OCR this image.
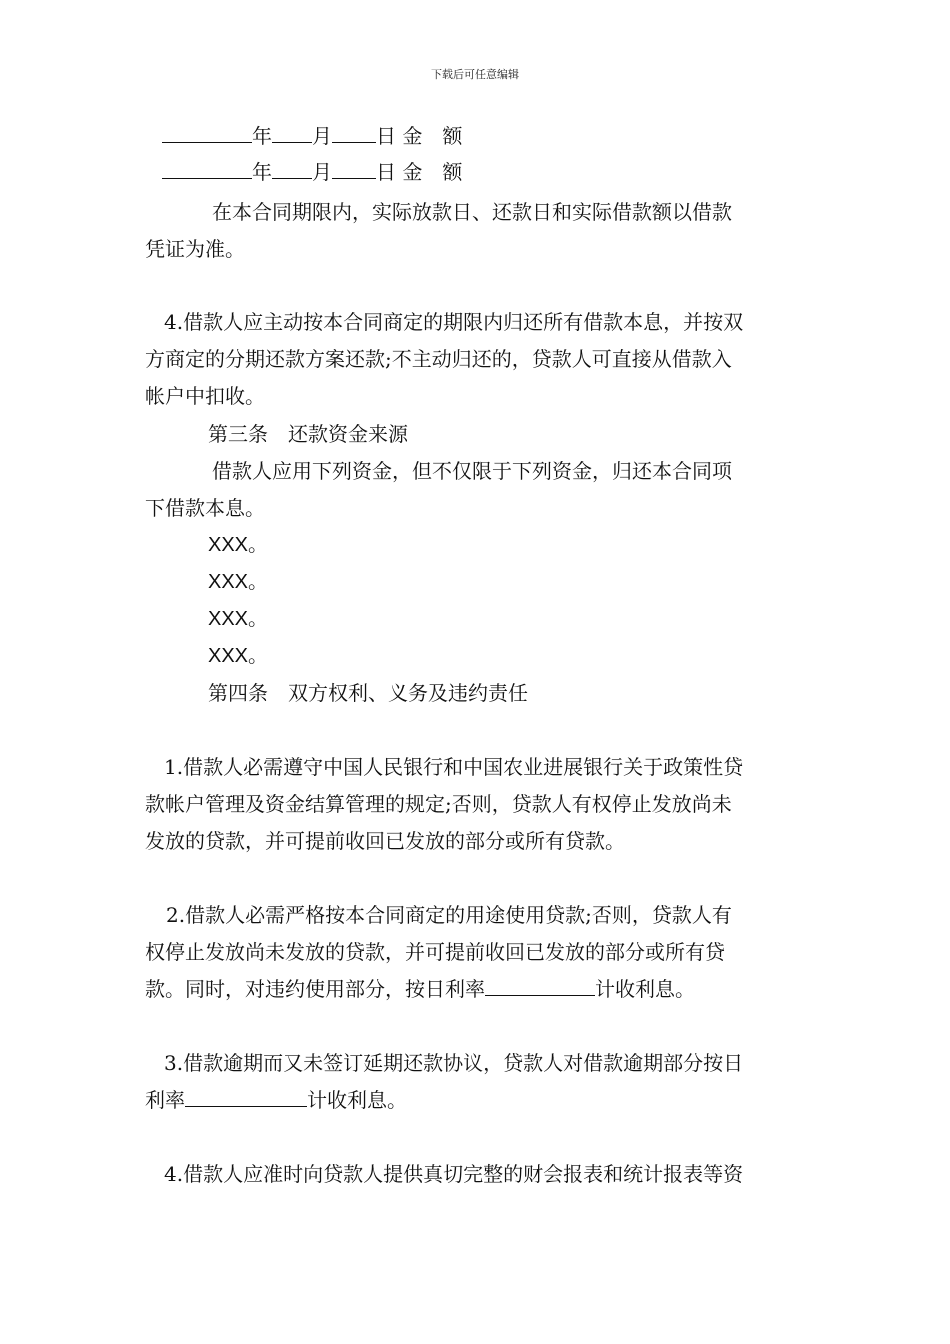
下载后可任意编辑
年 月 日 金　额
年 月 日 金　额
在本合同期限内，实际放款日、还款日和实际借款额以借款
凭证为准。
4.借款人应主动按本合同商定的期限内归还所有借款本息，并按双
方商定的分期还款方案还款;不主动归还的，贷款人可直接从借款入
帐户中扣收。
第三条　还款资金来源
借款人应用下列资金，但不仅限于下列资金，归还本合同项
下借款本息。
XXX。
XXX。
XXX。
XXX。
第四条　双方权利、义务及违约责任
1.借款人必需遵守中国人民银行和中国农业进展银行关于政策性贷
款帐户管理及资金结算管理的规定;否则，贷款人有权停止发放尚未
发放的贷款，并可提前收回已发放的部分或所有贷款。
2.借款人必需严格按本合同商定的用途使用贷款;否则，贷款人有
权停止发放尚未发放的贷款，并可提前收回已发放的部分或所有贷
款。同时，对违约使用部分，按日利率	计收利息。
3.借款逾期而又未签订延期还款协议，贷款人对借款逾期部分按日
利率	计收利息。
4.借款人应准时向贷款人提供真切完整的财会报表和统计报表等资
